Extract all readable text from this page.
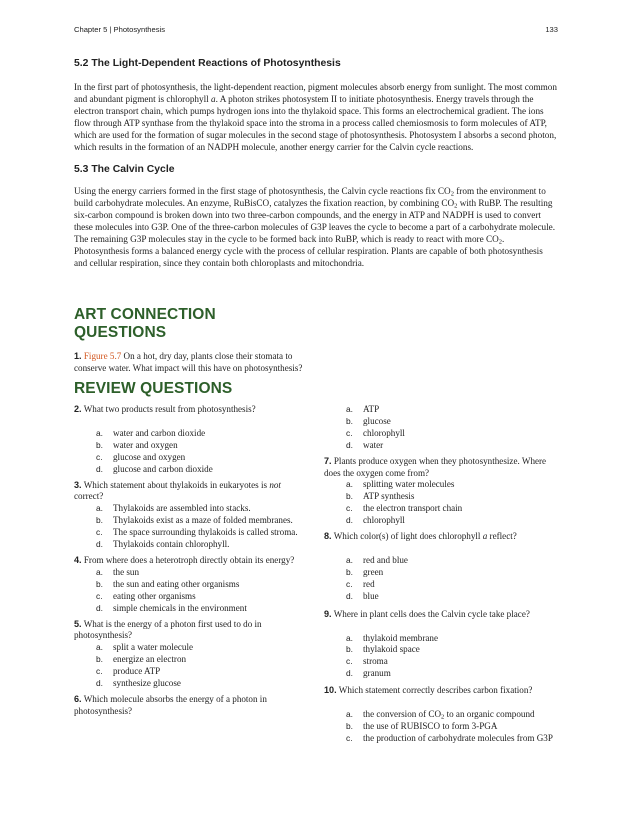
Chapter 5 | Photosynthesis	133
5.2 The Light-Dependent Reactions of Photosynthesis

In the first part of photosynthesis, the light-dependent reaction, pigment molecules absorb energy from sunlight. The most common and abundant pigment is chlorophyll a. A photon strikes photosystem II to initiate photosynthesis. Energy travels through the electron transport chain, which pumps hydrogen ions into the thylakoid space. This forms an electrochemical gradient. The ions flow through ATP synthase from the thylakoid space into the stroma in a process called chemiosmosis to form molecules of ATP, which are used for the formation of sugar molecules in the second stage of photosynthesis. Photosystem I absorbs a second photon, which results in the formation of an NADPH molecule, another energy carrier for the Calvin cycle reactions.

5.3 The Calvin Cycle

Using the energy carriers formed in the first stage of photosynthesis, the Calvin cycle reactions fix $CO_2$ from the environment to build carbohydrate molecules. An enzyme, RuBisCO, catalyzes the fixation reaction, by combining $CO_2$ with RuBP. The resulting six-carbon compound is broken down into two three-carbon compounds, and the energy in ATP and NADPH is used to convert these molecules into G3P. One of the three-carbon molecules of G3P leaves the cycle to become a part of a carbohydrate molecule. The remaining G3P molecules stay in the cycle to be formed back into RuBP, which is ready to react with more $CO_2$. Photosynthesis forms a balanced energy cycle with the process of cellular respiration. Plants are capable of both photosynthesis and cellular respiration, since they contain both chloroplasts and mitochondria.

ART CONNECTION QUESTIONS

1. Figure 5.7 On a hot, dry day, plants close their stomata to conserve water. What impact will this have on photosynthesis?

REVIEW QUESTIONS

2. What two products result from photosynthesis?

a. water and carbon dioxide
b. water and oxygen
c. glucose and oxygen
d. glucose and carbon dioxide

3. Which statement about thylakoids in eukaryotes is not correct?

a. Thylakoids are assembled into stacks.
b. Thylakoids exist as a maze of folded membranes.
c. The space surrounding thylakoids is called stroma.
d. Thylakoids contain chlorophyll.

4. From where does a heterotroph directly obtain its energy?

a. the sun
b. the sun and eating other organisms
c. eating other organisms
d. simple chemicals in the environment

5. What is the energy of a photon first used to do in photosynthesis?

a. split a water molecule
b. energize an electron
c. produce ATP
d. synthesize glucose

6. Which molecule absorbs the energy of a photon in photosynthesis?

a. ATP
b. glucose
c. chlorophyll
d. water

7. Plants produce oxygen when they photosynthesize. Where does the oxygen come from?

a. splitting water molecules
b. ATP synthesis
c. the electron transport chain
d. chlorophyll

8. Which color(s) of light does chlorophyll a reflect?

a. red and blue
b. green
c. red
d. blue

9. Where in plant cells does the Calvin cycle take place?

a. thylakoid membrane
b. thylakoid space
c. stroma
d. granum

10. Which statement correctly describes carbon fixation?

a. the conversion of $CO_2$ to an organic compound
b. the use of RUBISCO to form 3-PGA
c. the production of carbohydrate molecules from G3P
